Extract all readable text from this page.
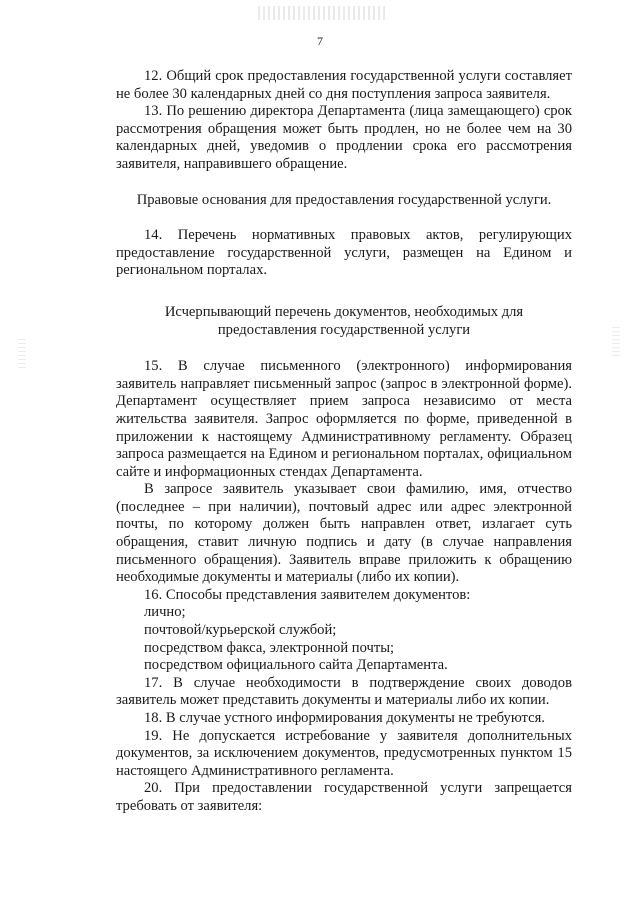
7

12. Общий срок предоставления государственной услуги составляет не более 30 календарных дней со дня поступления запроса заявителя.

13. По решению директора Департамента (лица замещающего) срок рассмотрения обращения может быть продлен, но не более чем на 30 календарных дней, уведомив о продлении срока его рассмотрения заявителя, направившего обращение.

Правовые основания для предоставления государственной услуги.

14. Перечень нормативных правовых актов, регулирующих предоставление государственной услуги, размещен на Едином и региональном порталах.

Исчерпывающий перечень документов, необходимых для предоставления государственной услуги

15. В случае письменного (электронного) информирования заявитель направляет письменный запрос (запрос в электронной форме). Департамент осуществляет прием запроса независимо от места жительства заявителя. Запрос оформляется по форме, приведенной в приложении к настоящему Административному регламенту. Образец запроса размещается на Едином и региональном порталах, официальном сайте и информационных стендах Департамента.

В запросе заявитель указывает свои фамилию, имя, отчество (последнее – при наличии), почтовый адрес или адрес электронной почты, по которому должен быть направлен ответ, излагает суть обращения, ставит личную подпись и дату (в случае направления письменного обращения). Заявитель вправе приложить к обращению необходимые документы и материалы (либо их копии).

16. Способы представления заявителем документов:

лично;

почтовой/курьерской службой;

посредством факса, электронной почты;

посредством официального сайта Департамента.

17. В случае необходимости в подтверждение своих доводов заявитель может представить документы и материалы либо их копии.

18. В случае устного информирования документы не требуются.

19. Не допускается истребование у заявителя дополнительных документов, за исключением документов, предусмотренных пунктом 15 настоящего Административного регламента.

20. При предоставлении государственной услуги запрещается требовать от заявителя:
